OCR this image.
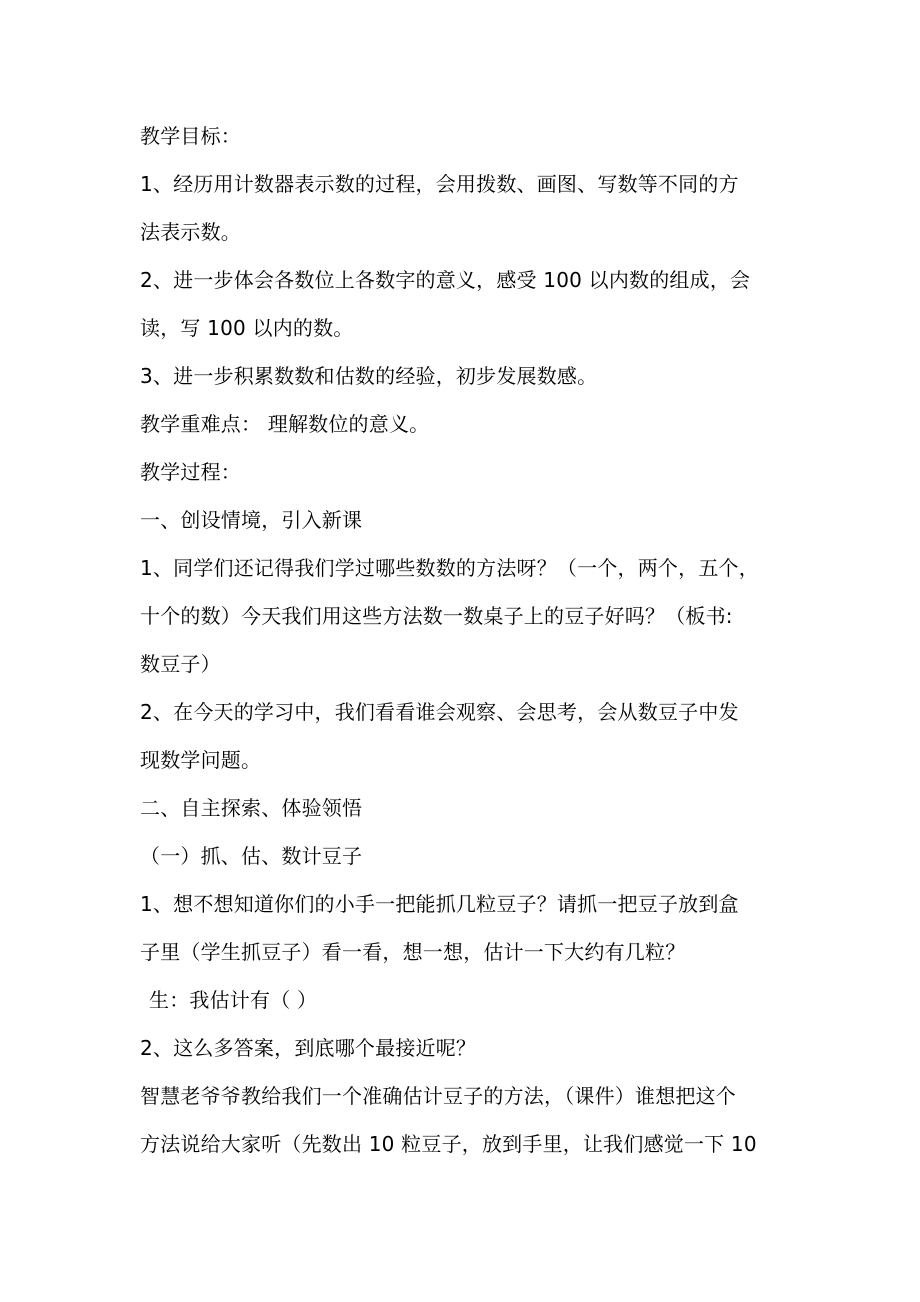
教学目标：
1、经历用计数器表示数的过程，会用拨数、画图、写数等不同的方
法表示数。
2、进一步体会各数位上各数字的意义，感受 100 以内数的组成，会
读，写 100 以内的数。
3、进一步积累数数和估数的经验，初步发展数感。
教学重难点： 理解数位的意义。
教学过程：
一、创设情境，引入新课
1、同学们还记得我们学过哪些数数的方法呀？（一个，两个，五个，
十个的数）今天我们用这些方法数一数桌子上的豆子好吗？（板书:
数豆子）
2、在今天的学习中，我们看看谁会观察、会思考，会从数豆子中发
现数学问题。
二、自主探索、体验领悟
（一）抓、估、数计豆子
1、想不想知道你们的小手一把能抓几粒豆子？请抓一把豆子放到盒
子里（学生抓豆子）看一看，想一想，估计一下大约有几粒？
生：我估计有（ ）
2、这么多答案，到底哪个最接近呢？
智慧老爷爷教给我们一个准确估计豆子的方法，（课件）谁想把这个
方法说给大家听（先数出 10 粒豆子，放到手里，让我们感觉一下 10
